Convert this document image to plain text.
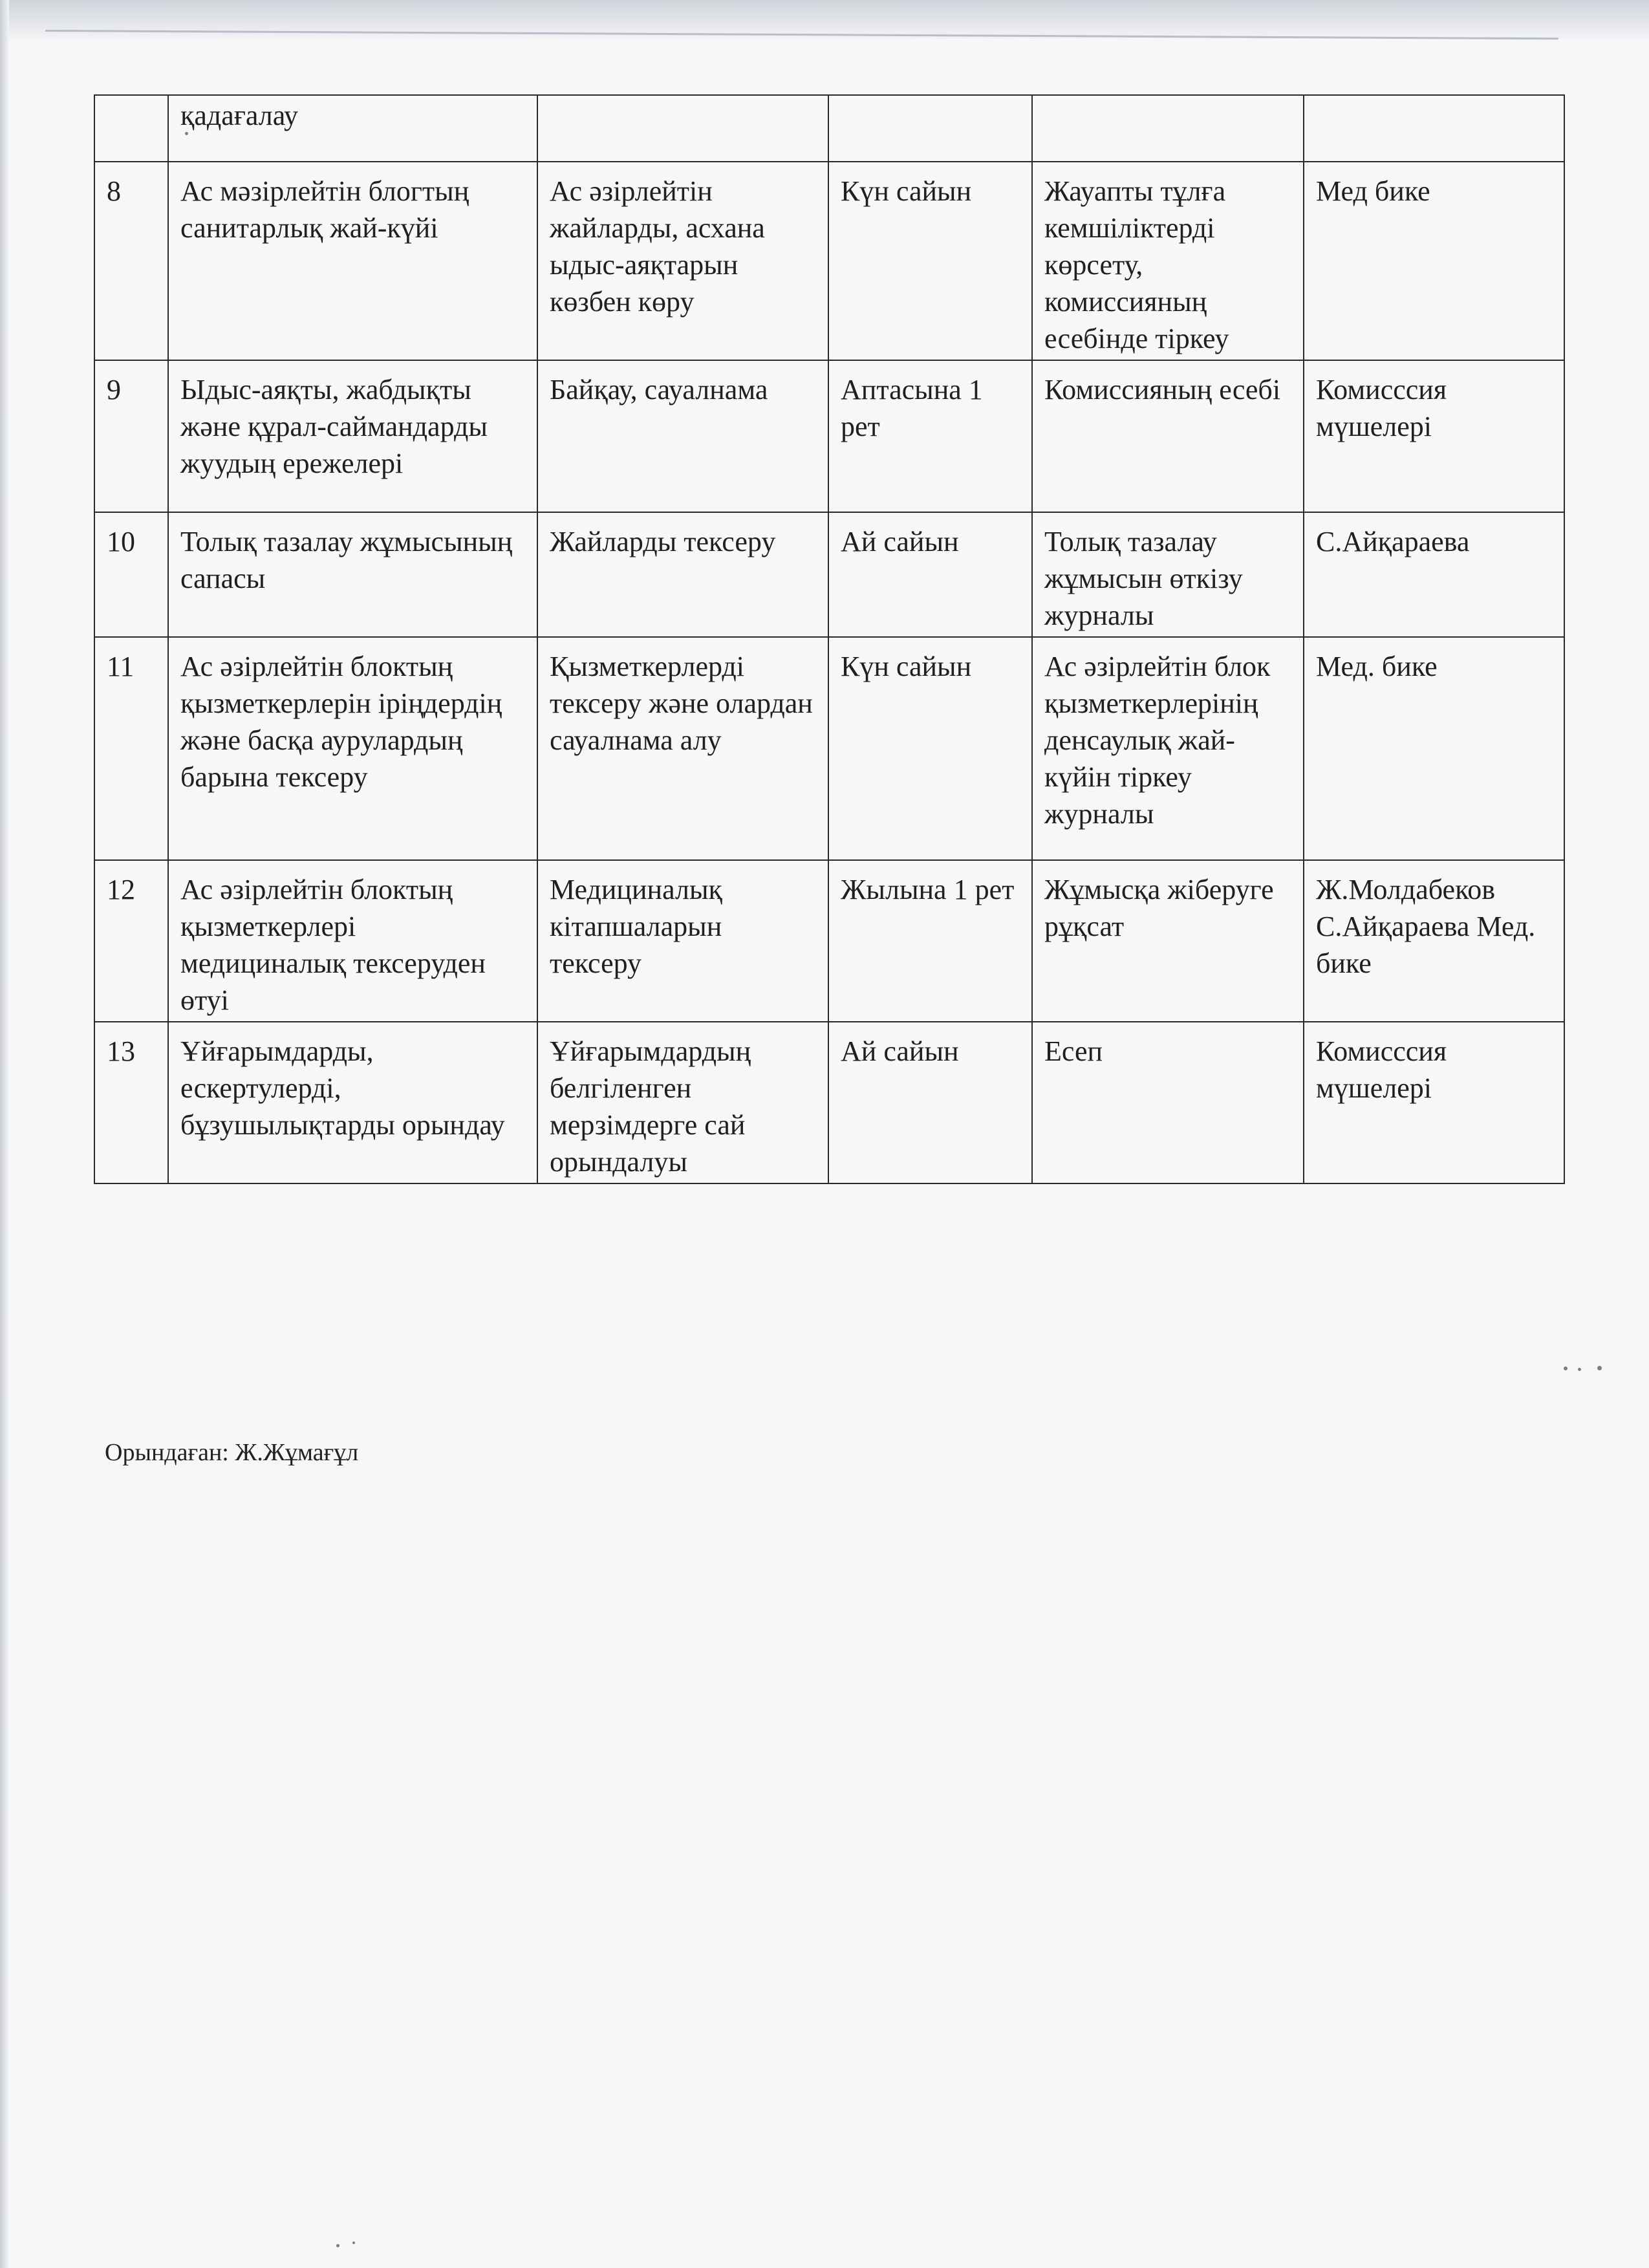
	қадағалау				
8	Ас мәзірлейтін блогтың санитарлық жай-күйі	Ас әзірлейтін жайларды, асхана ыдыс-аяқтарын көзбен көру	Күн сайын	Жауапты тұлға кемшіліктерді көрсету, комиссияның есебінде тіркеу	Мед бике
9	Ыдыс-аяқты, жабдықты және құрал-саймандарды жуудың ережелері	Байқау, сауалнама	Аптасына 1 рет	Комиссияның есебі	Комисссия мүшелері
10	Толық тазалау жұмысының сапасы	Жайларды тексеру	Ай сайын	Толық тазалау жұмысын өткізу журналы	С.Айқараева
11	Ас әзірлейтін блоктың қызметкерлерін іріңдердің және басқа аурулардың барына тексеру	Қызметкерлерді тексеру және олардан сауалнама алу	Күн сайын	Ас әзірлейтін блок қызметкерлерінің денсаулық жай-күйін тіркеу журналы	Мед. бике
12	Ас әзірлейтін блоктың қызметкерлері медициналық тексеруден өтуі	Медициналық кітапшаларын тексеру	Жылына 1 рет	Жұмысқа жіберуге рұқсат	Ж.Молдабеков С.Айқараева Мед. бике
13	Ұйғарымдарды, ескертулерді, бұзушылықтарды орындау	Ұйғарымдардың белгіленген мерзімдерге сай орындалуы	Ай сайын	Есеп	Комисссия мүшелері
Орындаған: Ж.Жұмағұл
